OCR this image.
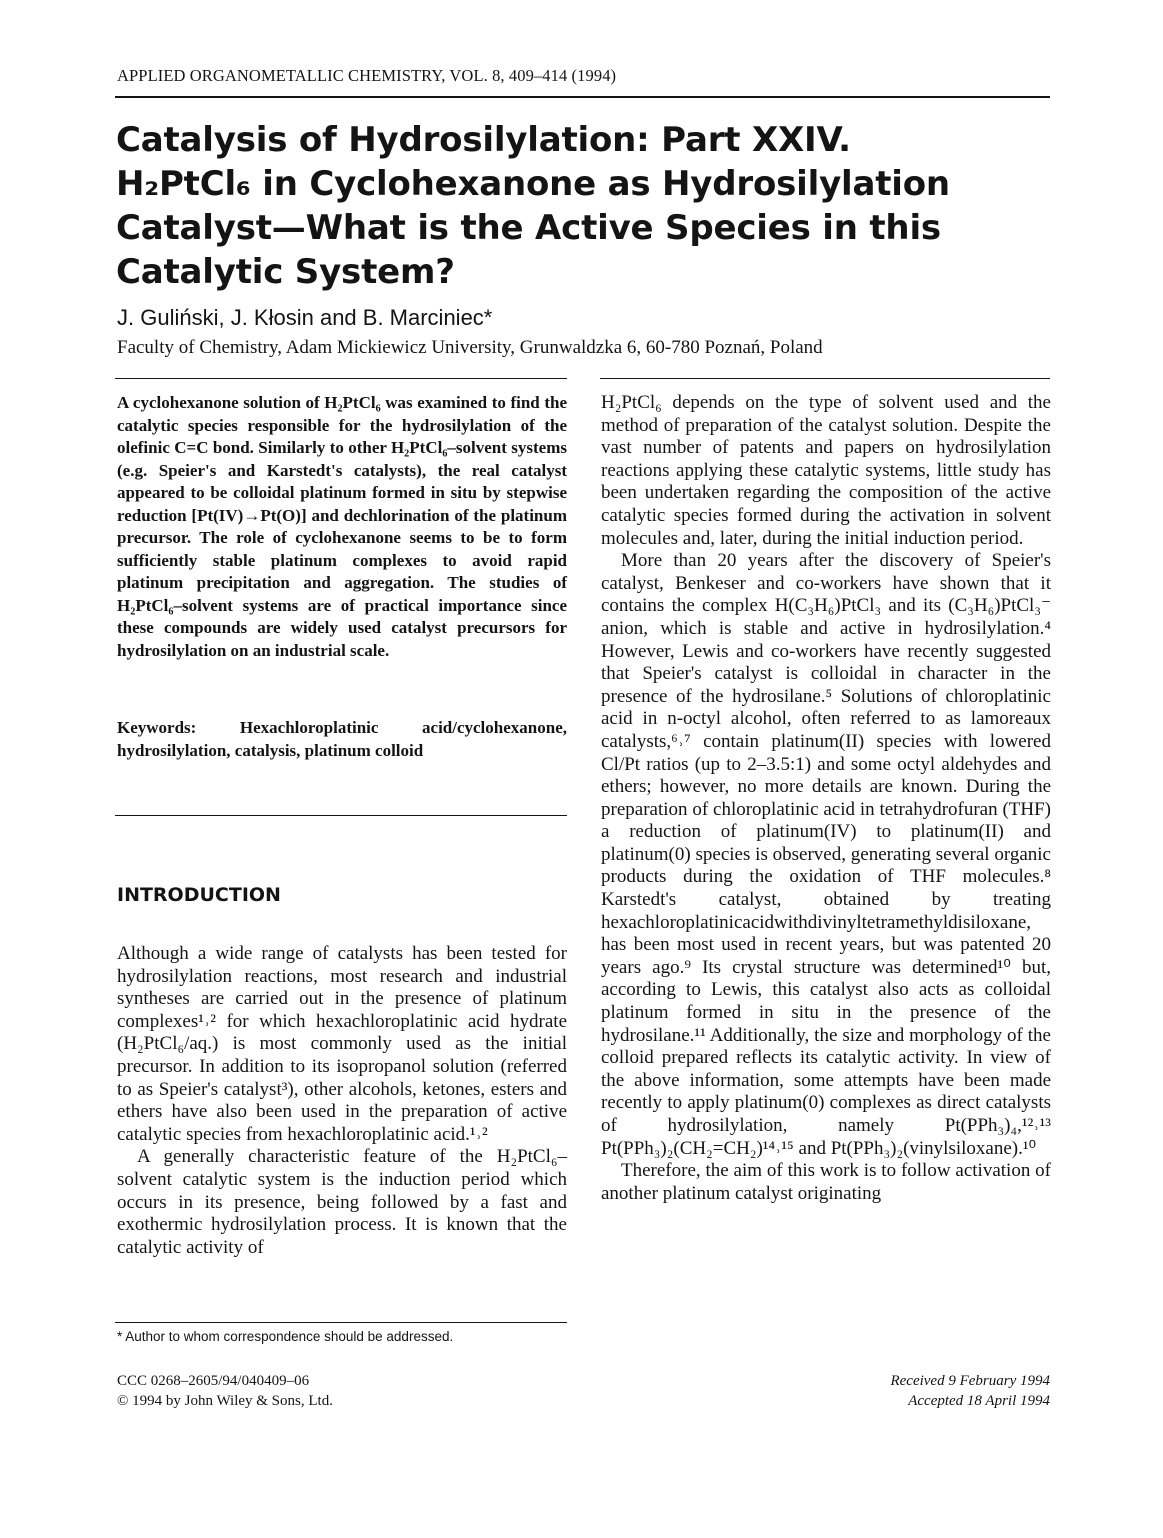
APPLIED ORGANOMETALLIC CHEMISTRY, VOL. 8, 409–414 (1994)
Catalysis of Hydrosilylation: Part XXIV.
H₂PtCl₆ in Cyclohexanone as Hydrosilylation
Catalyst—What is the Active Species in this
Catalytic System?
J. Guliński, J. Kłosin and B. Marciniec*
Faculty of Chemistry, Adam Mickiewicz University, Grunwaldzka 6, 60-780 Poznań, Poland
A cyclohexanone solution of H₂PtCl₆ was examined to find the catalytic species responsible for the hydrosilylation of the olefinic C=C bond. Similarly to other H₂PtCl₆–solvent systems (e.g. Speier's and Karstedt's catalysts), the real catalyst appeared to be colloidal platinum formed in situ by stepwise reduction [Pt(IV)→Pt(O)] and dechlorination of the platinum precursor. The role of cyclohexanone seems to be to form sufficiently stable platinum complexes to avoid rapid platinum precipitation and aggregation. The studies of H₂PtCl₆–solvent systems are of practical importance since these compounds are widely used catalyst precursors for hydrosilylation on an industrial scale.
Keywords: Hexachloroplatinic acid/cyclohexanone, hydrosilylation, catalysis, platinum colloid
INTRODUCTION

Although a wide range of catalysts has been tested for hydrosilylation reactions, most research and industrial syntheses are carried out in the presence of platinum complexes¹˒² for which hexachloroplatinic acid hydrate (H₂PtCl₆/aq.) is most commonly used as the initial precursor. In addition to its isopropanol solution (referred to as Speier's catalyst³), other alcohols, ketones, esters and ethers have also been used in the preparation of active catalytic species from hexachloroplatinic acid.¹˒²

A generally characteristic feature of the H₂PtCl₆–solvent catalytic system is the induction period which occurs in its presence, being followed by a fast and exothermic hydrosilylation process. It is known that the catalytic activity of

H₂PtCl₆ depends on the type of solvent used and the method of preparation of the catalyst solution. Despite the vast number of patents and papers on hydrosilylation reactions applying these catalytic systems, little study has been undertaken regarding the composition of the active catalytic species formed during the activation in solvent molecules and, later, during the initial induction period.

More than 20 years after the discovery of Speier's catalyst, Benkeser and co-workers have shown that it contains the complex H(C₃H₆)PtCl₃ and its (C₃H₆)PtCl₃⁻ anion, which is stable and active in hydrosilylation.⁴ However, Lewis and co-workers have recently suggested that Speier's catalyst is colloidal in character in the presence of the hydrosilane.⁵ Solutions of chloroplatinic acid in n-octyl alcohol, often referred to as lamoreaux catalysts,⁶˒⁷ contain platinum(II) species with lowered Cl/Pt ratios (up to 2–3.5:1) and some octyl aldehydes and ethers; however, no more details are known. During the preparation of chloroplatinic acid in tetrahydrofuran (THF) a reduction of platinum(IV) to platinum(II) and platinum(0) species is observed, generating several organic products during the oxidation of THF molecules.⁸ Karstedt's catalyst, obtained by treating hexachloroplatinicacidwithdivinyltetramethyldisiloxane, has been most used in recent years, but was patented 20 years ago.⁹ Its crystal structure was determined¹⁰ but, according to Lewis, this catalyst also acts as colloidal platinum formed in situ in the presence of the hydrosilane.¹¹ Additionally, the size and morphology of the colloid prepared reflects its catalytic activity. In view of the above information, some attempts have been made recently to apply platinum(0) complexes as direct catalysts of hydrosilylation, namely Pt(PPh₃)₄,¹²˒¹³ Pt(PPh₃)₂(CH₂=CH₂)¹⁴˒¹⁵ and Pt(PPh₃)₂(vinylsiloxane).¹⁰

Therefore, the aim of this work is to follow activation of another platinum catalyst originating

* Author to whom correspondence should be addressed.
CCC 0268–2605/94/040409–06
© 1994 by John Wiley & Sons, Ltd.
Received 9 February 1994
Accepted 18 April 1994
